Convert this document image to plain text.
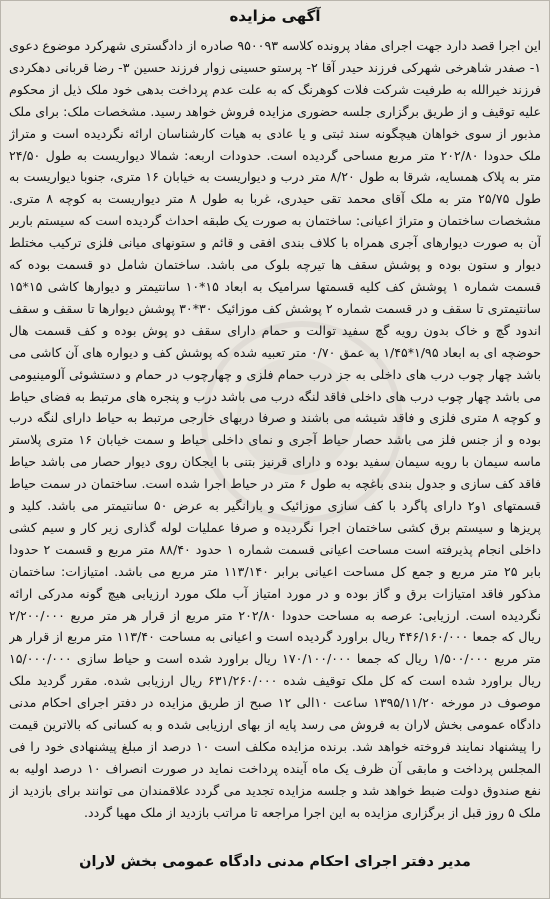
آگهی مزایده
این اجرا قصد دارد جهت اجرای مفاد پرونده کلاسه ۹۵۰۰۹۳ صادره از دادگستری شهرکرد موضوع دعوی ۱- صفدر شاهرخی شهرکی فرزند حیدر آقا ۲- پرستو حسینی زوار فرزند حسین ۳- رضا قربانی دهکردی فرزند خیرالله به طرفیت شرکت فلات کوهرنگ که به علت عدم پرداخت بدهی خود ملک ذیل از محکوم علیه توقیف و از طریق برگزاری جلسه حضوری مزایده فروش خواهد رسید. مشخصات ملک: برای ملک مذبور از سوی خواهان هیچگونه سند ثبتی و یا عادی به هیات کارشناسان ارائه نگردیده است و متراژ ملک حدودا ۲۰۲/۸۰ متر مربع مساحی گردیده است. حدودات اربعه: شمالا دیواریست به طول ۲۴/۵۰ متر به پلاک همسایه، شرقا به طول ۸/۲۰ متر درب و دیواریست به خیابان ۱۶ متری، جنوبا دیواریست به طول ۲۵/۷۵ متر به ملک آقای محمد تقی حیدری، غربا به طول ۸ متر دیواریست به کوچه ۸ متری. مشخصات ساختمان و متراژ اعیانی: ساختمان به صورت یک طبقه احداث گردیده است که سیستم باربر آن به صورت دیوارهای آجری همراه با کلاف بندی افقی و قائم و ستونهای میانی فلزی ترکیب مختلط دیوار و ستون بوده و پوشش سقف ها تیرچه بلوک می باشد. ساختمان شامل دو قسمت بوده که قسمت شماره ۱ پوشش کف کلیه قسمتها سرامیک به ابعاد ۱۵*۱۰ سانتیمتر و دیوارها کاشی ۱۵*۱۵ سانتیمتری تا سقف و در قسمت شماره ۲ پوشش کف موزائیک ۳۰*۳۰ پوشش دیوارها تا سقف و سقف اندود گچ و خاک بدون رویه گچ سفید توالت و حمام دارای سقف دو پوش بوده و کف قسمت هال حوضچه ای به ابعاد ۱/۹۵*۱/۴۵ به عمق ۰/۷۰ متر تعبیه شده که پوشش کف و دیواره های آن کاشی می باشد چهار چوب درب های داخلی به جز درب حمام فلزی و چهارچوب در حمام و دستشوئی آلومینیومی می باشد چهار چوب درب های داخلی فاقد لنگه درب می باشد درب و پنجره های مرتبط به فضای حیاط و کوچه ۸ متری فلزی و فاقد شیشه می باشند و صرفا دربهای خارجی مرتبط به حیاط دارای لنگه درب بوده و از جنس فلز می باشد حصار حیاط آجری و نمای داخلی حیاط و سمت خیابان ۱۶ متری پلاستر ماسه سیمان با رویه سیمان سفید بوده و دارای قرنیز بتنی با ایجکان روی دیوار حصار می باشد حیاط فاقد کف سازی و جدول بندی باغچه به طول ۶ متر در حیاط اجرا شده است. ساختمان در سمت حیاط قسمتهای ۱و۲ دارای پاگرد با کف سازی موزائیک و بارانگیر به عرض ۵۰ سانتیمتر می باشد. کلید و پریزها و سیستم برق کشی ساختمان اجرا نگردیده و صرفا عملیات لوله گذاری زیر کار و سیم کشی داخلی انجام پذیرفته است مساحت اعیانی قسمت شماره ۱ حدود ۸۸/۴۰ متر مربع و قسمت ۲ حدودا بابر ۲۵ متر مربع و جمع کل مساحت اعیانی برابر ۱۱۳/۱۴۰ متر مربع می باشد. امتیازات: ساختمان مذکور فاقد امتیازات برق و گاز بوده و در مورد امتیاز آب ملک مورد ارزیابی هیچ گونه مدرکی ارائه نگردیده است. ارزیابی: عرصه به مساحت حدودا ۲۰۲/۸۰ متر مربع از قرار هر متر مربع ۲/۲۰۰/۰۰۰ ریال که جمعا ۴۴۶/۱۶۰/۰۰۰ ریال براورد گردیده است و اعیانی به مساحت ۱۱۳/۴۰ متر مربع از قرار هر متر مربع ۱/۵۰۰/۰۰۰ ریال که جمعا ۱۷۰/۱۰۰/۰۰۰ ریال براورد شده است و حیاط سازی ۱۵/۰۰۰/۰۰۰ ریال براورد شده است که کل ملک توقیف شده ۶۳۱/۲۶۰/۰۰۰ ریال ارزیابی شده. مقرر گردید ملک موصوف در مورخه ۱۳۹۵/۱۱/۲۰ ساعت ۱۰الی ۱۲ صبح از طریق مزایده در دفتر اجرای احکام مدنی دادگاه عمومی بخش لاران به فروش می رسد پایه از بهای ارزیابی شده و به کسانی که بالاترین قیمت را پیشنهاد نمایند فروخته خواهد شد. برنده مزایده مکلف است ۱۰ درصد از مبلغ پیشنهادی خود را فی المجلس پرداخت و مابقی آن ظرف یک ماه آینده پرداخت نماید در صورت انصراف ۱۰ درصد اولیه به نفع صندوق دولت ضبط خواهد شد و جلسه مزایده تجدید می گردد علاقمندان می توانند برای بازدید از ملک ۵ روز قبل از برگزاری مزایده به این اجرا مراجعه تا مراتب بازدید از ملک مهیا گردد.
مدیر دفتر اجرای احکام مدنی دادگاه عمومی بخش لاران
